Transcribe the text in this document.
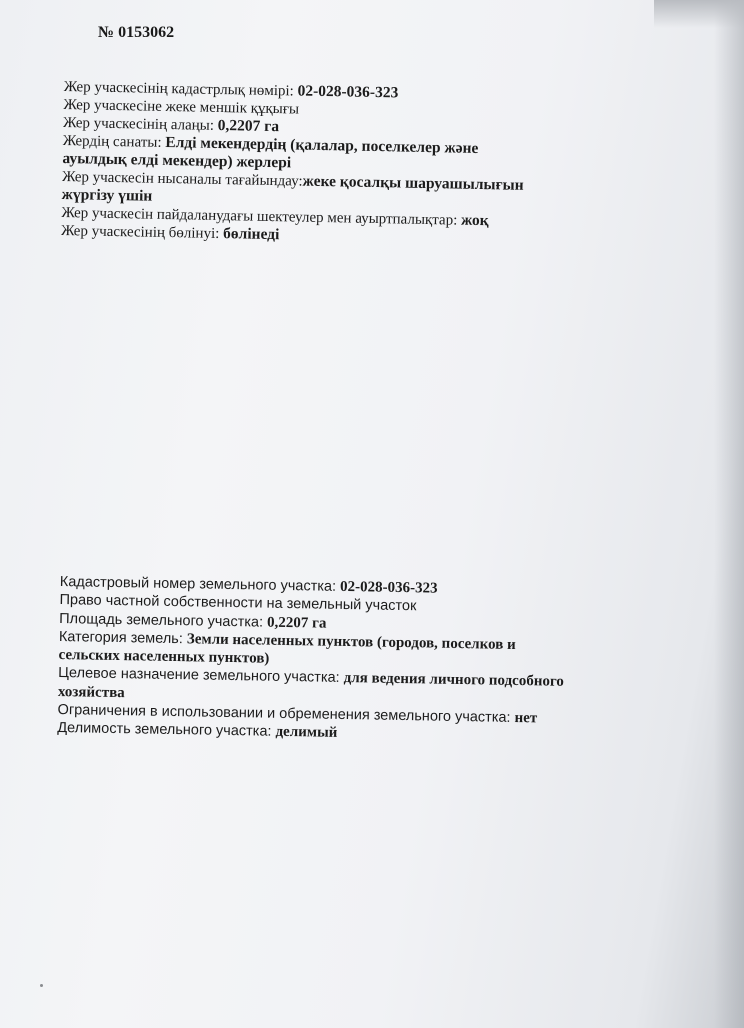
№ 0153062
Жер учаскесінің кадастрлық нөмірі: 02-028-036-323
Жер учаскесіне жеке меншік құқығы
Жер учаскесінің алаңы: 0,2207 га
Жердің санаты: Елді мекендердің (қалалар, поселкелер және
ауылдық елді мекендер) жерлері
Жер учаскесін нысаналы тағайындау:жеке қосалқы шаруашылығын
жүргізу үшін
Жер учаскесін пайдаланудағы шектеулер мен ауыртпалықтар: жоқ
Жер учаскесінің бөлінуі: бөлінеді
Кадастровый номер земельного участка: 02-028-036-323
Право частной собственности на земельный участок
Площадь земельного участка: 0,2207 га
Категория земель: Земли населенных пунктов (городов, поселков и
сельских населенных пунктов)
Целевое назначение земельного участка: для ведения личного подсобного
хозяйства
Ограничения в использовании и обременения земельного участка: нет
Делимость земельного участка: делимый
